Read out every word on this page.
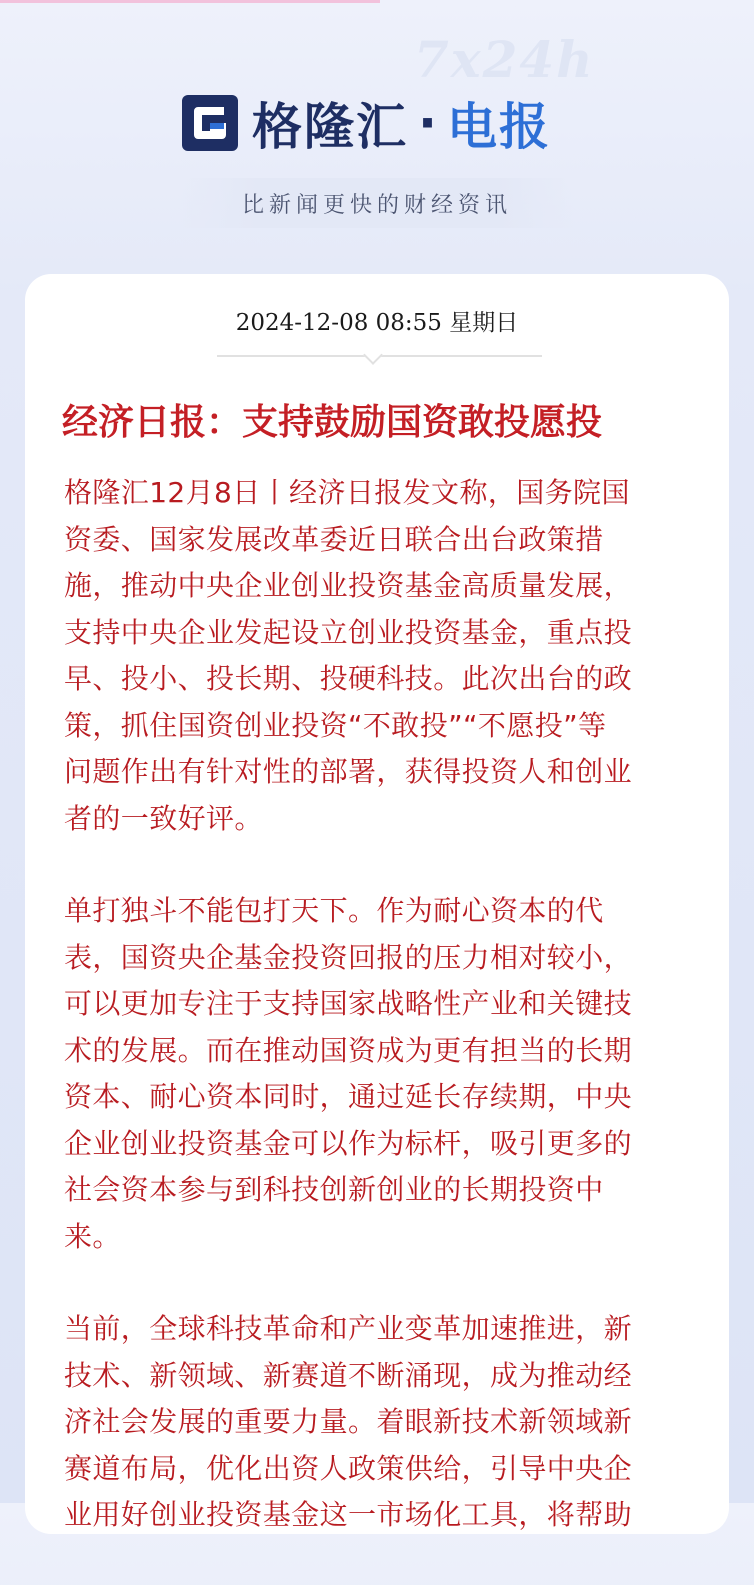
7x24h
格隆汇 · 电报
比新闻更快的财经资讯
2024-12-08 08:55 星期日
经济日报：支持鼓励国资敢投愿投

格隆汇12月8日丨经济日报发文称，国务院国
资委、国家发展改革委近日联合出台政策措
施，推动中央企业创业投资基金高质量发展，
支持中央企业发起设立创业投资基金，重点投
早、投小、投长期、投硬科技。此次出台的政
策，抓住国资创业投资“不敢投”“不愿投”等
问题作出有针对性的部署，获得投资人和创业
者的一致好评。

单打独斗不能包打天下。作为耐心资本的代
表，国资央企基金投资回报的压力相对较小，
可以更加专注于支持国家战略性产业和关键技
术的发展。而在推动国资成为更有担当的长期
资本、耐心资本同时，通过延长存续期，中央
企业创业投资基金可以作为标杆，吸引更多的
社会资本参与到科技创新创业的长期投资中
来。

当前，全球科技革命和产业变革加速推进，新
技术、新领域、新赛道不断涌现，成为推动经
济社会发展的重要力量。着眼新技术新领域新
赛道布局，优化出资人政策供给，引导中央企
业用好创业投资基金这一市场化工具，将帮助
